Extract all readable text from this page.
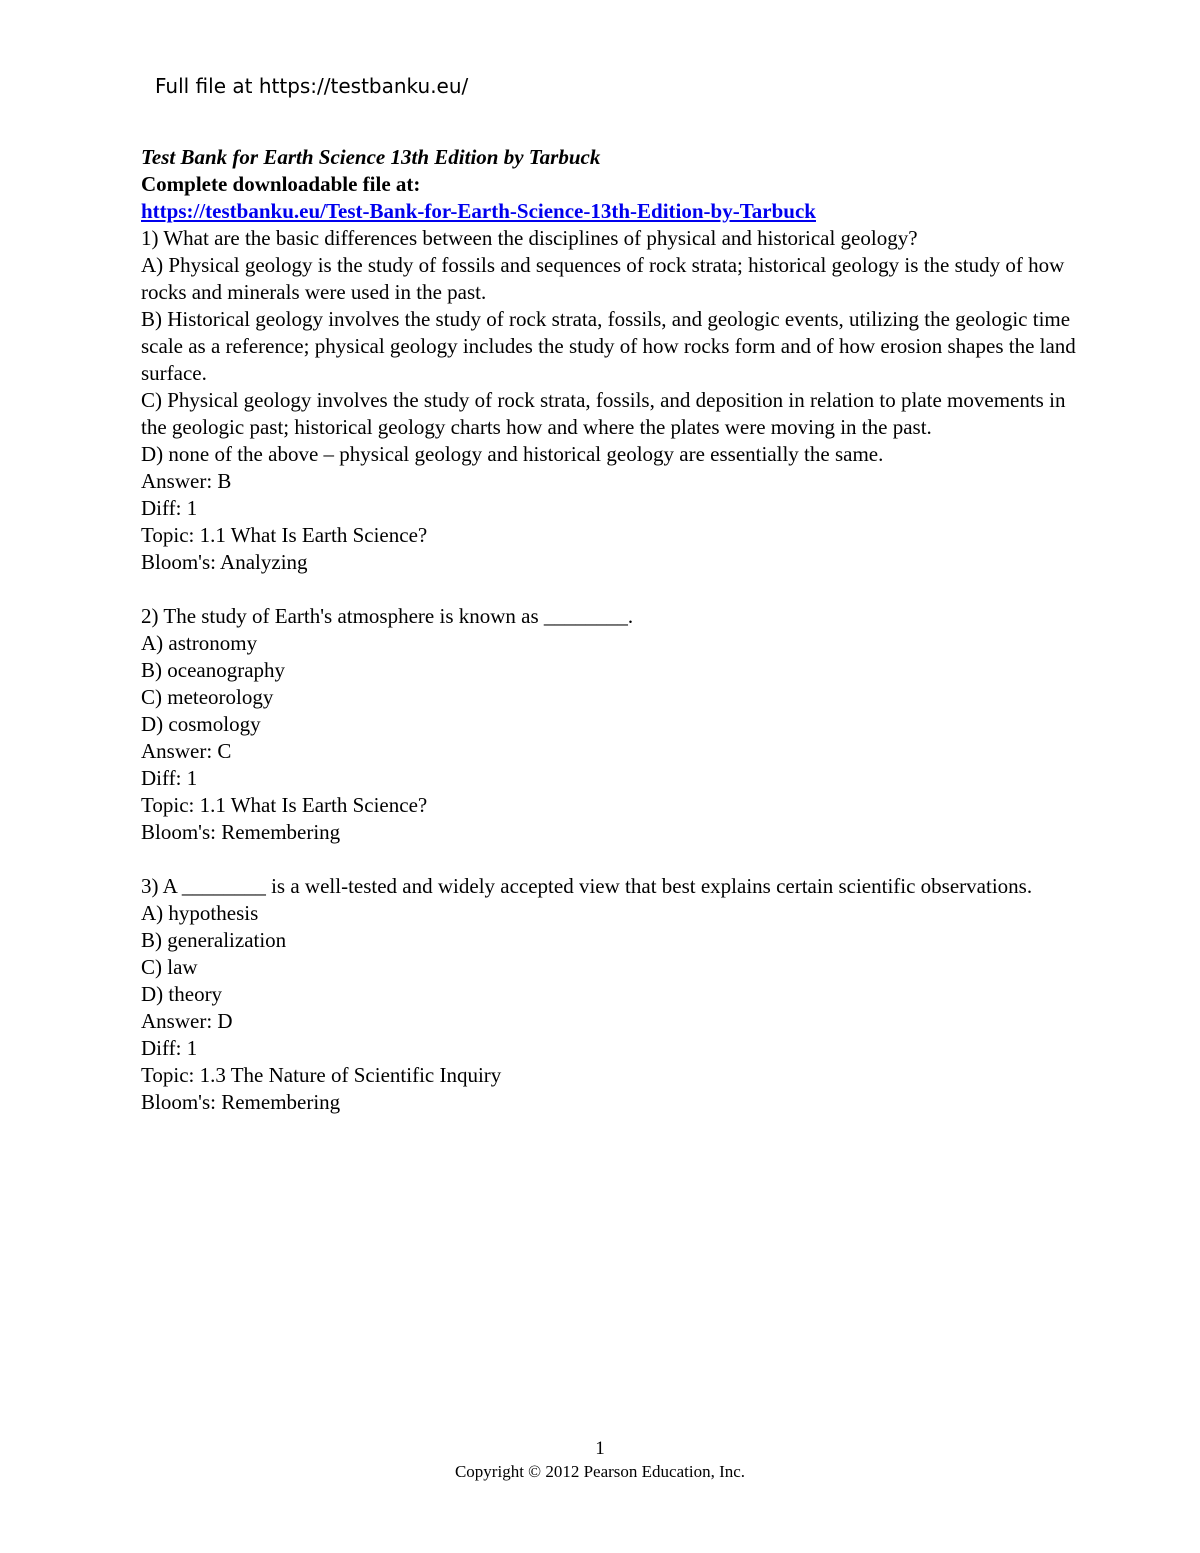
Full file at https://testbanku.eu/
Test Bank for Earth Science 13th Edition by Tarbuck
Complete downloadable file at:
https://testbanku.eu/Test-Bank-for-Earth-Science-13th-Edition-by-Tarbuck
1) What are the basic differences between the disciplines of physical and historical geology?
A) Physical geology is the study of fossils and sequences of rock strata; historical geology is the study of how rocks and minerals were used in the past.
B) Historical geology involves the study of rock strata, fossils, and geologic events, utilizing the geologic time scale as a reference; physical geology includes the study of how rocks form and of how erosion shapes the land surface.
C) Physical geology involves the study of rock strata, fossils, and deposition in relation to plate movements in the geologic past; historical geology charts how and where the plates were moving in the past.
D) none of the above – physical geology and historical geology are essentially the same.
Answer: B
Diff: 1
Topic: 1.1 What Is Earth Science?
Bloom's: Analyzing
2) The study of Earth's atmosphere is known as ________.
A) astronomy
B) oceanography
C) meteorology
D) cosmology
Answer: C
Diff: 1
Topic: 1.1 What Is Earth Science?
Bloom's: Remembering
3) A ________ is a well-tested and widely accepted view that best explains certain scientific observations.
A) hypothesis
B) generalization
C) law
D) theory
Answer: D
Diff: 1
Topic: 1.3 The Nature of Scientific Inquiry
Bloom's: Remembering
1
Copyright © 2012 Pearson Education, Inc.
